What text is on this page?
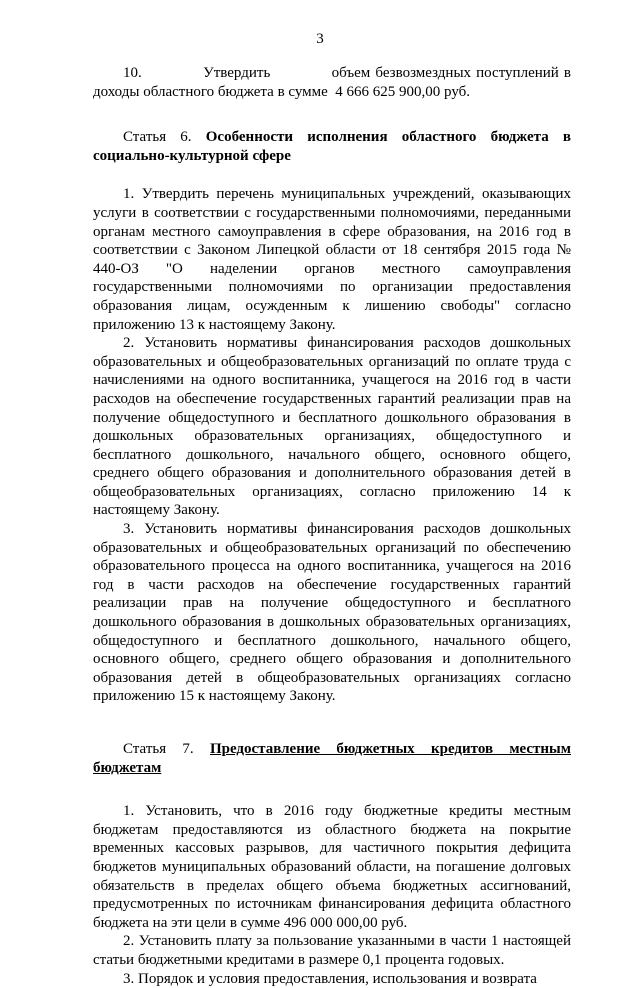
3

10.            Утвердить            объем безвозмездных поступлений в доходы областного бюджета в сумме  4 666 625 900,00 руб.

Статья 6. Особенности исполнения областного бюджета в социально-культурной сфере

1. Утвердить перечень муниципальных учреждений, оказывающих услуги в соответствии с государственными полномочиями, переданными органам местного самоуправления в сфере образования, на 2016 год в соответствии с Законом Липецкой области от 18 сентября 2015 года № 440-ОЗ "О наделении органов местного самоуправления государственными полномочиями по организации предоставления образования лицам, осужденным к лишению свободы" согласно приложению 13 к настоящему Закону.

2. Установить нормативы финансирования расходов дошкольных образовательных и общеобразовательных организаций по оплате труда с начислениями на одного воспитанника, учащегося на 2016 год в части расходов на обеспечение государственных гарантий реализации прав на получение общедоступного и бесплатного дошкольного образования в дошкольных образовательных организациях, общедоступного и бесплатного дошкольного, начального общего, основного общего, среднего общего образования и дополнительного образования детей в общеобразовательных организациях, согласно приложению 14 к настоящему Закону.

3. Установить нормативы финансирования расходов дошкольных образовательных и общеобразовательных организаций по обеспечению образовательного процесса на одного воспитанника, учащегося на 2016 год в части расходов на обеспечение государственных гарантий реализации прав на получение общедоступного и бесплатного дошкольного образования в дошкольных образовательных организациях, общедоступного и бесплатного дошкольного, начального общего, основного общего, среднего общего образования и дополнительного образования детей в общеобразовательных организациях согласно приложению 15 к настоящему Закону.

Статья 7. Предоставление бюджетных кредитов местным бюджетам

1. Установить, что в 2016 году бюджетные кредиты местным бюджетам предоставляются из областного бюджета на покрытие временных кассовых разрывов, для частичного покрытия дефицита бюджетов муниципальных образований области, на погашение долговых обязательств в пределах общего объема бюджетных ассигнований, предусмотренных по источникам финансирования дефицита областного бюджета на эти цели в сумме 496 000 000,00 руб.

2. Установить плату за пользование указанными в части 1 настоящей статьи бюджетными кредитами в размере 0,1 процента годовых.

3. Порядок и условия предоставления, использования и возврата
